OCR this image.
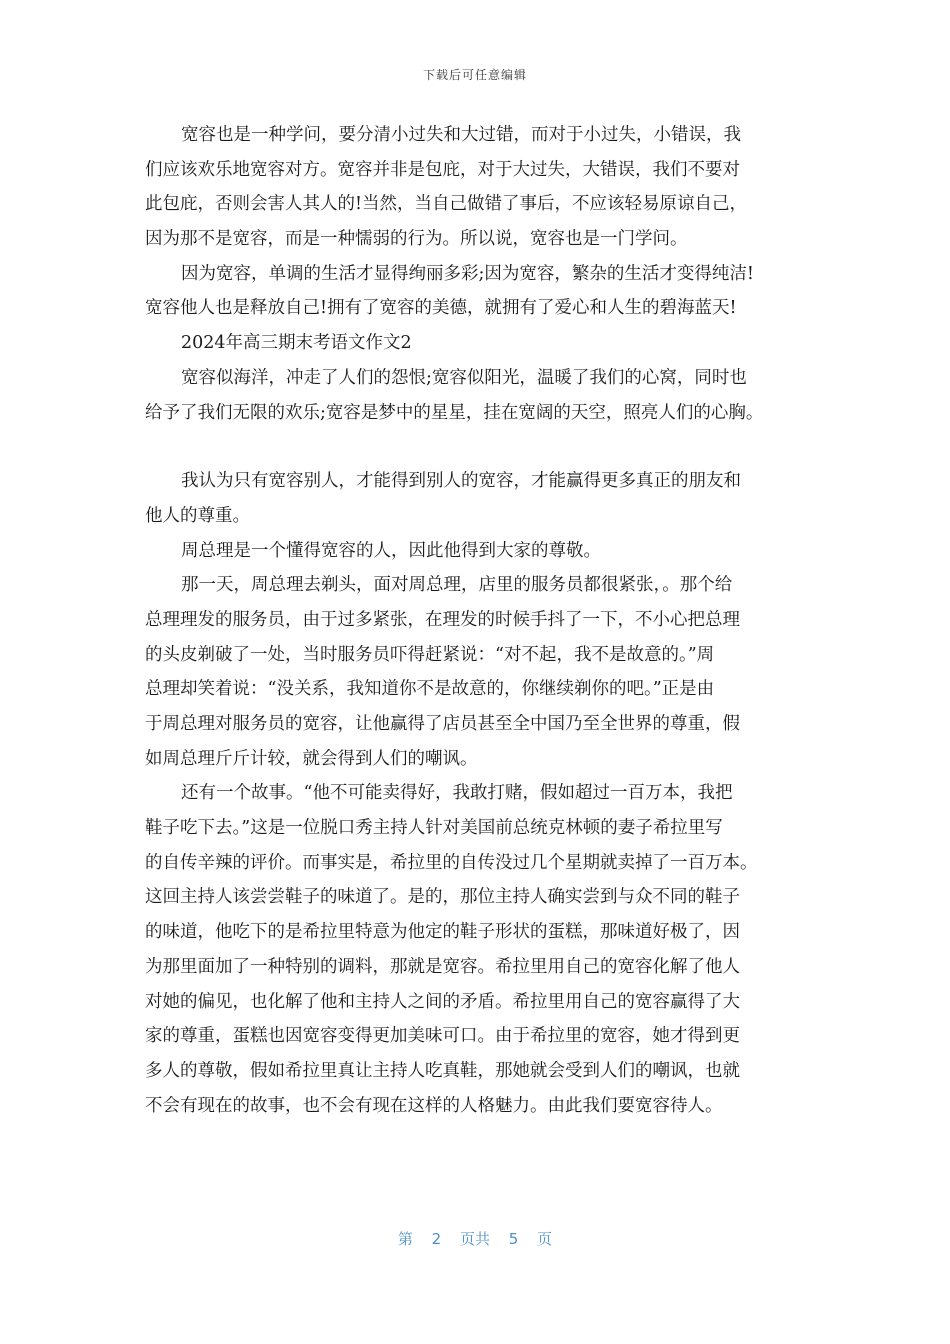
下载后可任意编辑
宽容也是一种学问，要分清小过失和大过错，而对于小过失，小错误，我
们应该欢乐地宽容对方。宽容并非是包庇，对于大过失，大错误，我们不要对
此包庇，否则会害人其人的!当然，当自己做错了事后，不应该轻易原谅自己，
因为那不是宽容，而是一种懦弱的行为。所以说，宽容也是一门学问。
因为宽容，单调的生活才显得绚丽多彩;因为宽容，繁杂的生活才变得纯洁!
宽容他人也是释放自己!拥有了宽容的美德，就拥有了爱心和人生的碧海蓝天!
2024年高三期末考语文作文2
宽容似海洋，冲走了人们的怨恨;宽容似阳光，温暖了我们的心窝，同时也
给予了我们无限的欢乐;宽容是梦中的星星，挂在宽阔的天空，照亮人们的心胸。
我认为只有宽容别人，才能得到别人的宽容，才能赢得更多真正的朋友和
他人的尊重。
周总理是一个懂得宽容的人，因此他得到大家的尊敬。
那一天，周总理去剃头，面对周总理，店里的服务员都很紧张，。那个给
总理理发的服务员，由于过多紧张，在理发的时候手抖了一下，不小心把总理
的头皮剃破了一处，当时服务员吓得赶紧说：“对不起，我不是故意的。”周
总理却笑着说：“没关系，我知道你不是故意的，你继续剃你的吧。”正是由
于周总理对服务员的宽容，让他赢得了店员甚至全中国乃至全世界的尊重，假
如周总理斤斤计较，就会得到人们的嘲讽。
还有一个故事。“他不可能卖得好，我敢打赌，假如超过一百万本，我把
鞋子吃下去。”这是一位脱口秀主持人针对美国前总统克林顿的妻子希拉里写
的自传辛辣的评价。而事实是，希拉里的自传没过几个星期就卖掉了一百万本。
这回主持人该尝尝鞋子的味道了。是的，那位主持人确实尝到与众不同的鞋子
的味道，他吃下的是希拉里特意为他定的鞋子形状的蛋糕，那味道好极了，因
为那里面加了一种特别的调料，那就是宽容。希拉里用自己的宽容化解了他人
对她的偏见，也化解了他和主持人之间的矛盾。希拉里用自己的宽容赢得了大
家的尊重，蛋糕也因宽容变得更加美味可口。由于希拉里的宽容，她才得到更
多人的尊敬，假如希拉里真让主持人吃真鞋，那她就会受到人们的嘲讽，也就
不会有现在的故事，也不会有现在这样的人格魅力。由此我们要宽容待人。
第 2 页共 5 页
